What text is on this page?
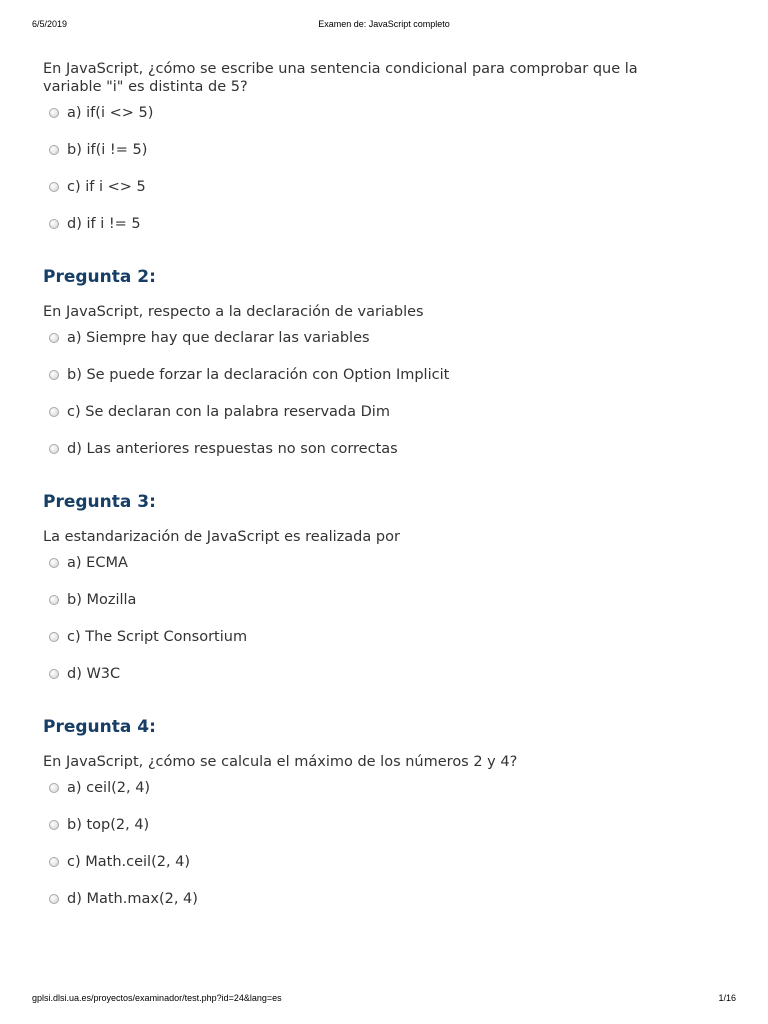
6/5/2019	Examen de: JavaScript completo

En JavaScript, ¿cómo se escribe una sentencia condicional para comprobar que la variable "i" es distinta de 5?

a) if(i <> 5)
b) if(i != 5)
c) if i <> 5
d) if i != 5
Pregunta 2:

En JavaScript, respecto a la declaración de variables

a) Siempre hay que declarar las variables
b) Se puede forzar la declaración con Option Implicit
c) Se declaran con la palabra reservada Dim
d) Las anteriores respuestas no son correctas
Pregunta 3:

La estandarización de JavaScript es realizada por

a) ECMA
b) Mozilla
c) The Script Consortium
d) W3C
Pregunta 4:

En JavaScript, ¿cómo se calcula el máximo de los números 2 y 4?

a) ceil(2, 4)
b) top(2, 4)
c) Math.ceil(2, 4)
d) Math.max(2, 4)
gplsi.dlsi.ua.es/proyectos/examinador/test.php?id=24&lang=es	1/16
